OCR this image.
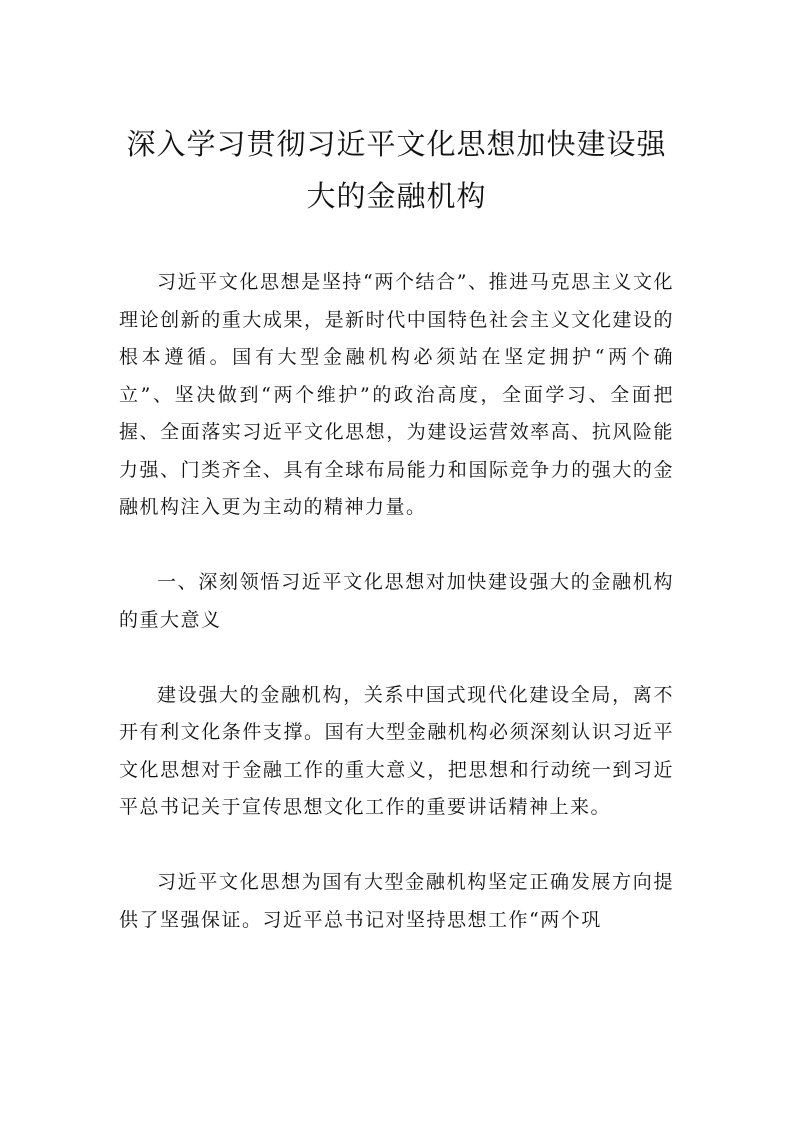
深入学习贯彻习近平文化思想加快建设强大的金融机构

习近平文化思想是坚持“两个结合”、推进马克思主义文化理论创新的重大成果，是新时代中国特色社会主义文化建设的根本遵循。国有大型金融机构必须站在坚定拥护“两个确立”、坚决做到“两个维护”的政治高度，全面学习、全面把握、全面落实习近平文化思想，为建设运营效率高、抗风险能力强、门类齐全、具有全球布局能力和国际竞争力的强大的金融机构注入更为主动的精神力量。

一、深刻领悟习近平文化思想对加快建设强大的金融机构的重大意义

建设强大的金融机构，关系中国式现代化建设全局，离不开有利文化条件支撑。国有大型金融机构必须深刻认识习近平文化思想对于金融工作的重大意义，把思想和行动统一到习近平总书记关于宣传思想文化工作的重要讲话精神上来。

习近平文化思想为国有大型金融机构坚定正确发展方向提供了坚强保证。习近平总书记对坚持思想工作“两个巩
